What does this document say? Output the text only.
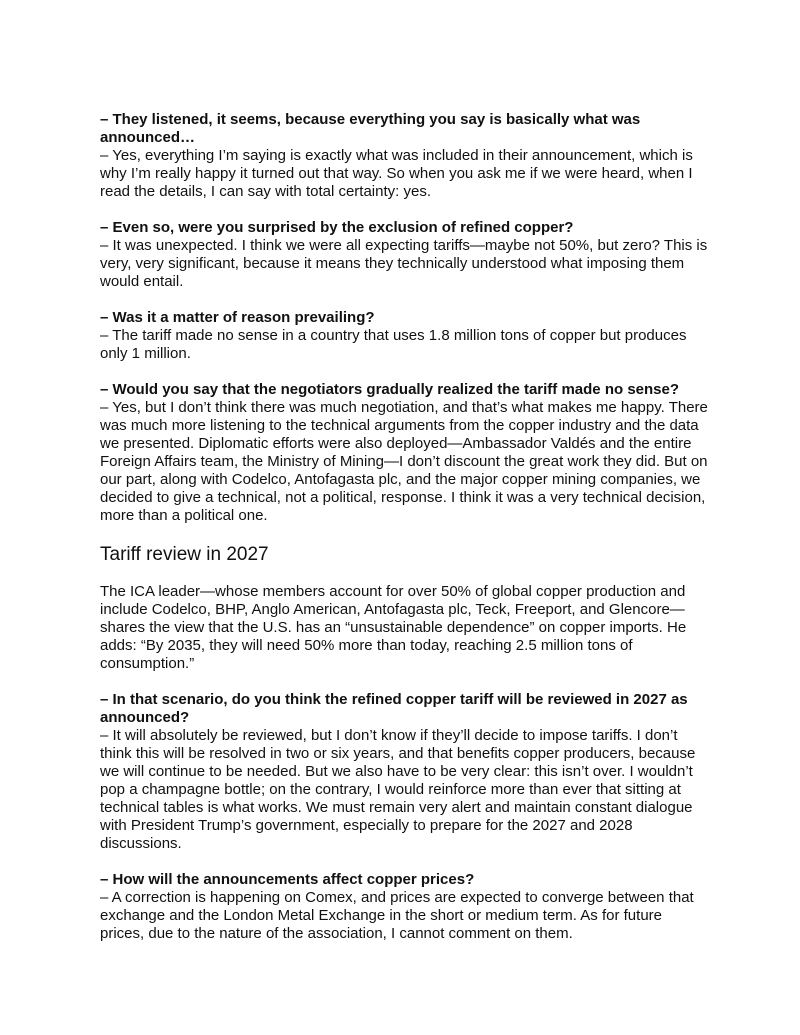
– They listened, it seems, because everything you say is basically what was announced…

– Yes, everything I’m saying is exactly what was included in their announcement, which is why I’m really happy it turned out that way. So when you ask me if we were heard, when I read the details, I can say with total certainty: yes.

– Even so, were you surprised by the exclusion of refined copper?

– It was unexpected. I think we were all expecting tariffs—maybe not 50%, but zero? This is very, very significant, because it means they technically understood what imposing them would entail.

– Was it a matter of reason prevailing?

– The tariff made no sense in a country that uses 1.8 million tons of copper but produces only 1 million.

– Would you say that the negotiators gradually realized the tariff made no sense?

– Yes, but I don’t think there was much negotiation, and that’s what makes me happy. There was much more listening to the technical arguments from the copper industry and the data we presented. Diplomatic efforts were also deployed—Ambassador Valdés and the entire Foreign Affairs team, the Ministry of Mining—I don’t discount the great work they did. But on our part, along with Codelco, Antofagasta plc, and the major copper mining companies, we decided to give a technical, not a political, response. I think it was a very technical decision, more than a political one.

Tariff review in 2027

The ICA leader—whose members account for over 50% of global copper production and include Codelco, BHP, Anglo American, Antofagasta plc, Teck, Freeport, and Glencore—shares the view that the U.S. has an “unsustainable dependence” on copper imports. He adds: “By 2035, they will need 50% more than today, reaching 2.5 million tons of consumption.”

– In that scenario, do you think the refined copper tariff will be reviewed in 2027 as announced?

– It will absolutely be reviewed, but I don’t know if they’ll decide to impose tariffs. I don’t think this will be resolved in two or six years, and that benefits copper producers, because we will continue to be needed. But we also have to be very clear: this isn’t over. I wouldn’t pop a champagne bottle; on the contrary, I would reinforce more than ever that sitting at technical tables is what works. We must remain very alert and maintain constant dialogue with President Trump’s government, especially to prepare for the 2027 and 2028 discussions.

– How will the announcements affect copper prices?

– A correction is happening on Comex, and prices are expected to converge between that exchange and the London Metal Exchange in the short or medium term. As for future prices, due to the nature of the association, I cannot comment on them.
